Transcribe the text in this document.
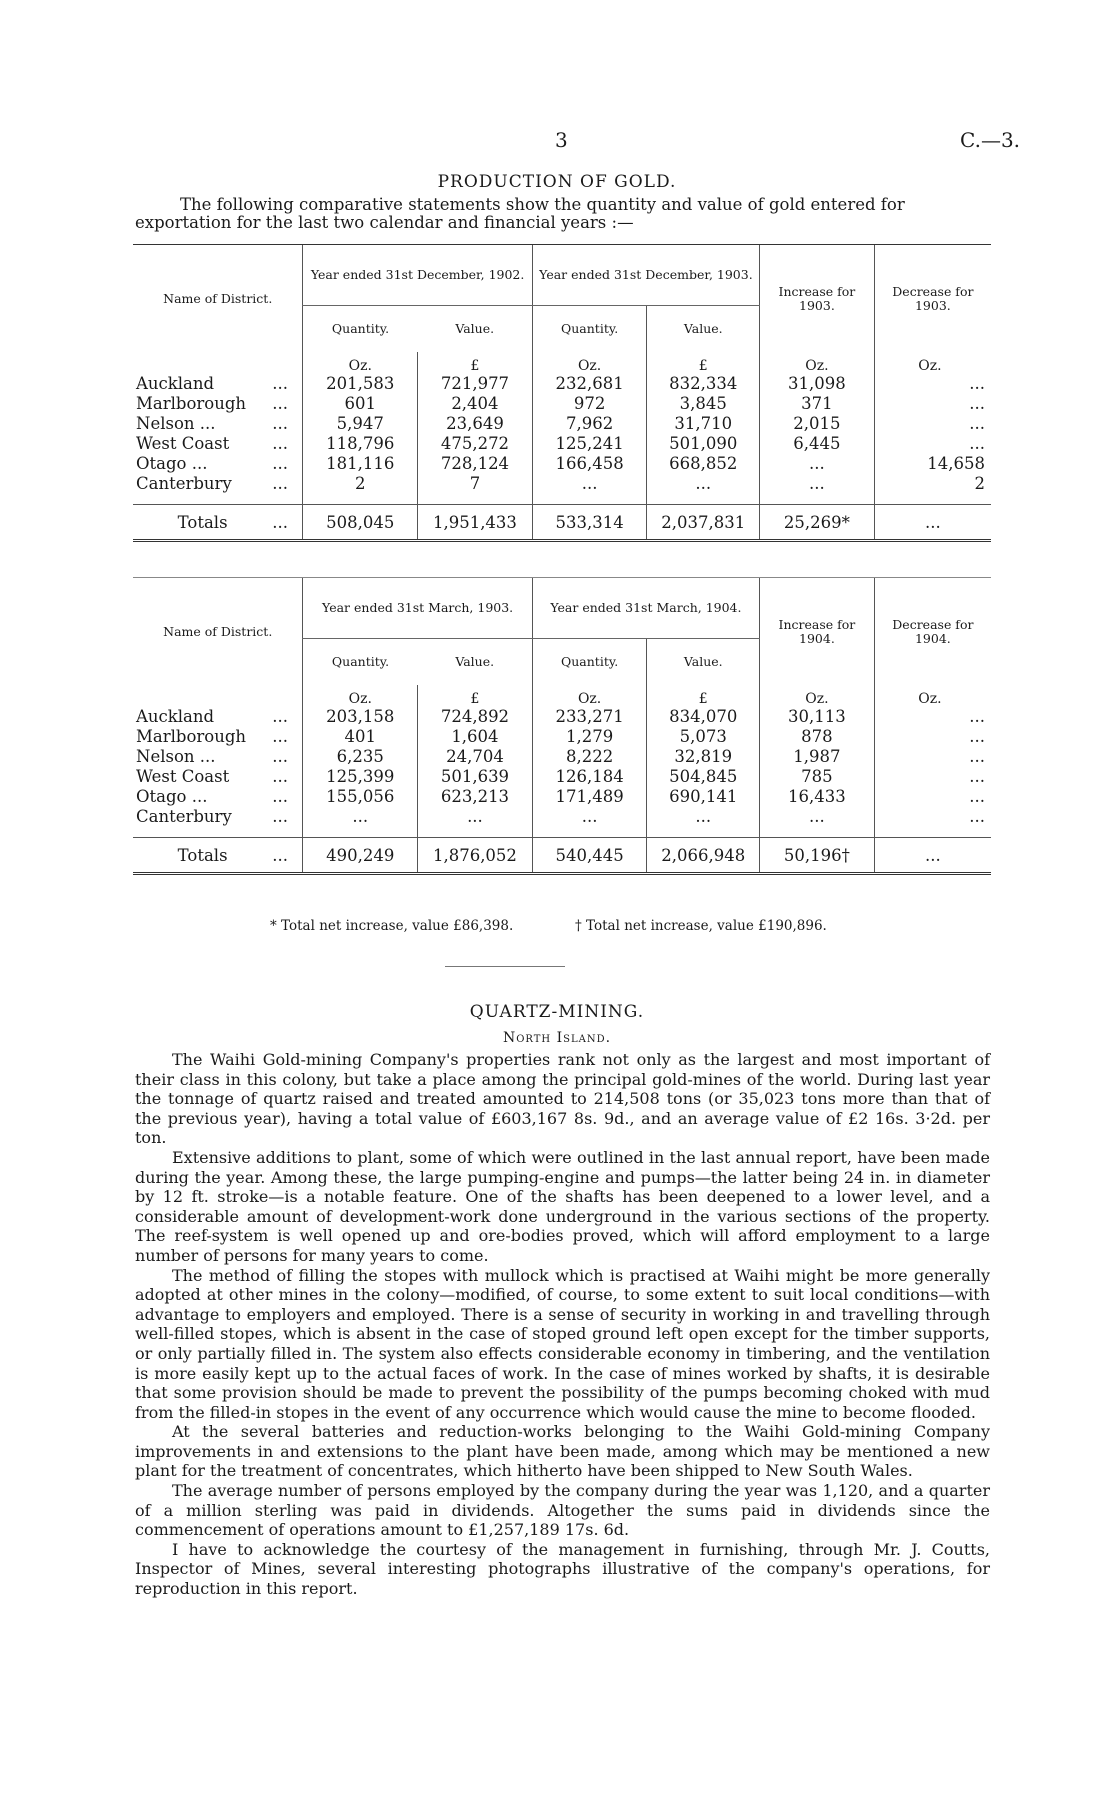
3	C.—3.
PRODUCTION OF GOLD.
The following comparative statements show the quantity and value of gold entered for exportation for the last two calendar and financial years :—
Name of District.		Year ended 31st December, 1902.		Year ended 31st December, 1903.		Increase for 1903.	Decrease for 1903.
		Quantity.	Value.	Quantity.	Value.		
		Oz.	£	Oz.	£	Oz.	Oz.
Auckland	...	201,583	721,977	232,681	832,334	31,098	...
Marlborough	...	601	2,404	972	3,845	371	...
Nelson ...	...	5,947	23,649	7,962	31,710	2,015	...
West Coast	...	118,796	475,272	125,241	501,090	6,445	...
Otago ...	...	181,116	728,124	166,458	668,852	...	14,658
Canterbury	...	2	7	...	...	...	2

Totals	...	508,045	1,951,433	533,314	2,037,831	25,269*	...
Name of District.		Year ended 31st March, 1903.		Year ended 31st March, 1904.		Increase for 1904.	Decrease for 1904.
		Quantity.	Value.	Quantity.	Value.		
		Oz.	£	Oz.	£	Oz.	Oz.
Auckland	...	203,158	724,892	233,271	834,070	30,113	...
Marlborough	...	401	1,604	1,279	5,073	878	...
Nelson ...	...	6,235	24,704	8,222	32,819	1,987	...
West Coast	...	125,399	501,639	126,184	504,845	785	...
Otago ...	...	155,056	623,213	171,489	690,141	16,433	...
Canterbury	...	...	...	...	...	...	...

Totals	...	490,249	1,876,052	540,445	2,066,948	50,196†	...
* Total net increase, value £86,398.	† Total net increase, value £190,896.
QUARTZ-MINING.
North Island.

The Waihi Gold-mining Company's properties rank not only as the largest and most important of their class in this colony, but take a place among the principal gold-mines of the world. During last year the tonnage of quartz raised and treated amounted to 214,508 tons (or 35,023 tons more than that of the previous year), having a total value of £603,167 8s. 9d., and an average value of £2 16s. 3·2d. per ton.

Extensive additions to plant, some of which were outlined in the last annual report, have been made during the year. Among these, the large pumping-engine and pumps—the latter being 24 in. in diameter by 12 ft. stroke—is a notable feature. One of the shafts has been deepened to a lower level, and a considerable amount of development-work done underground in the various sections of the property. The reef-system is well opened up and ore-bodies proved, which will afford employment to a large number of persons for many years to come.

The method of filling the stopes with mullock which is practised at Waihi might be more generally adopted at other mines in the colony—modified, of course, to some extent to suit local conditions—with advantage to employers and employed. There is a sense of security in working in and travelling through well-filled stopes, which is absent in the case of stoped ground left open except for the timber supports, or only partially filled in. The system also effects considerable economy in timbering, and the ventilation is more easily kept up to the actual faces of work. In the case of mines worked by shafts, it is desirable that some provision should be made to prevent the possibility of the pumps becoming choked with mud from the filled-in stopes in the event of any occurrence which would cause the mine to become flooded.

At the several batteries and reduction-works belonging to the Waihi Gold-mining Company improvements in and extensions to the plant have been made, among which may be mentioned a new plant for the treatment of concentrates, which hitherto have been shipped to New South Wales.

The average number of persons employed by the company during the year was 1,120, and a quarter of a million sterling was paid in dividends. Altogether the sums paid in dividends since the commencement of operations amount to £1,257,189 17s. 6d.

I have to acknowledge the courtesy of the management in furnishing, through Mr. J. Coutts, Inspector of Mines, several interesting photographs illustrative of the company's operations, for reproduction in this report.
